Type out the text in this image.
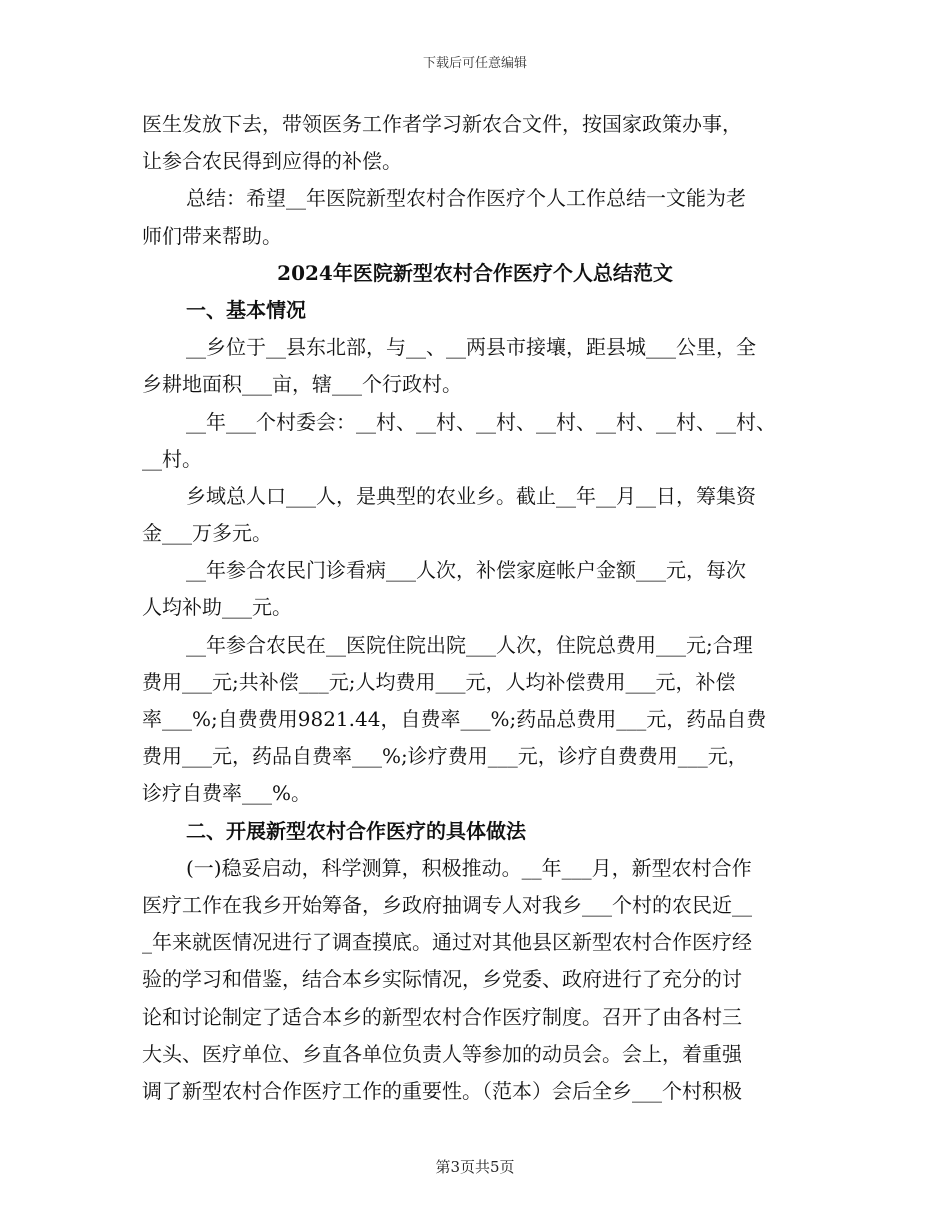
下载后可任意编辑
医生发放下去，带领医务工作者学习新农合文件，按国家政策办事，
让参合农民得到应得的补偿。
总结：希望__年医院新型农村合作医疗个人工作总结一文能为老
师们带来帮助。
2024年医院新型农村合作医疗个人总结范文
一、基本情况
__乡位于__县东北部，与__、__两县市接壤，距县城___公里，全
乡耕地面积___亩，辖___个行政村。
__年___个村委会：__村、__村、__村、__村、__村、__村、__村、
__村。
乡域总人口___人，是典型的农业乡。截止__年__月__日，筹集资
金___万多元。
__年参合农民门诊看病___人次，补偿家庭帐户金额___元，每次
人均补助___元。
__年参合农民在__医院住院出院___人次，住院总费用___元;合理
费用___元;共补偿___元;人均费用___元，人均补偿费用___元，补偿
率___%;自费费用9821.44，自费率___%;药品总费用___元，药品自费
费用___元，药品自费率___%;诊疗费用___元，诊疗自费费用___元，
诊疗自费率___%。
二、开展新型农村合作医疗的具体做法
(一)稳妥启动，科学测算，积极推动。__年___月，新型农村合作
医疗工作在我乡开始筹备，乡政府抽调专人对我乡___个村的农民近__
_年来就医情况进行了调查摸底。通过对其他县区新型农村合作医疗经
验的学习和借鉴，结合本乡实际情况，乡党委、政府进行了充分的讨
论和讨论制定了适合本乡的新型农村合作医疗制度。召开了由各村三
大头、医疗单位、乡直各单位负责人等参加的动员会。会上，着重强
调了新型农村合作医疗工作的重要性。（范本）会后全乡___个村积极
第3页共5页
